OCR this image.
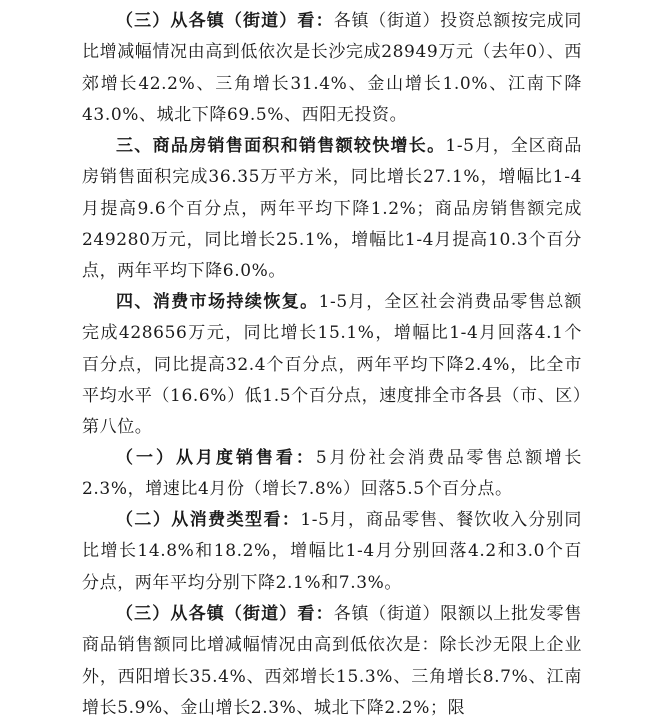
（三）从各镇（街道）看：各镇（街道）投资总额按完成同比增减幅情况由高到低依次是长沙完成28949万元（去年0）、西郊增长42.2%、三角增长31.4%、金山增长1.0%、江南下降43.0%、城北下降69.5%、西阳无投资。

三、商品房销售面积和销售额较快增长。1-5月，全区商品房销售面积完成36.35万平方米，同比增长27.1%，增幅比1-4月提高9.6个百分点，两年平均下降1.2%；商品房销售额完成249280万元，同比增长25.1%，增幅比1-4月提高10.3个百分点，两年平均下降6.0%。

四、消费市场持续恢复。1-5月，全区社会消费品零售总额完成428656万元，同比增长15.1%，增幅比1-4月回落4.1个百分点，同比提高32.4个百分点，两年平均下降2.4%，比全市平均水平（16.6%）低1.5个百分点，速度排全市各县（市、区）第八位。

（一）从月度销售看：5月份社会消费品零售总额增长2.3%，增速比4月份（增长7.8%）回落5.5个百分点。

（二）从消费类型看：1-5月，商品零售、餐饮收入分别同比增长14.8%和18.2%，增幅比1-4月分别回落4.2和3.0个百分点，两年平均分别下降2.1%和7.3%。

（三）从各镇（街道）看：各镇（街道）限额以上批发零售商品销售额同比增减幅情况由高到低依次是：除长沙无限上企业外，西阳增长35.4%、西郊增长15.3%、三角增长8.7%、江南增长5.9%、金山增长2.3%、城北下降2.2%；限
